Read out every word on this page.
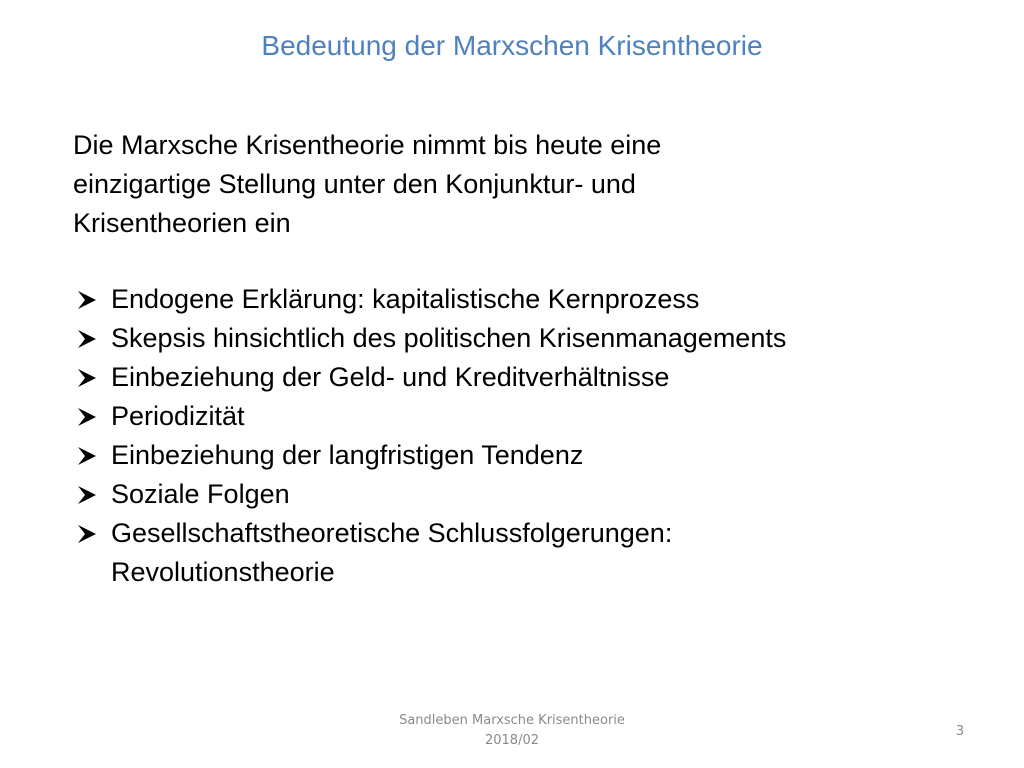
Bedeutung der Marxschen Krisentheorie

Die Marxsche Krisentheorie nimmt bis heute eine
einzigartige Stellung unter den Konjunktur- und
Krisentheorien ein

Endogene Erklärung: kapitalistische Kernprozess
Skepsis hinsichtlich des politischen Krisenmanagements
Einbeziehung der Geld- und Kreditverhältnisse
Periodizität
Einbeziehung der langfristigen Tendenz
Soziale Folgen
Gesellschaftstheoretische Schlussfolgerungen:
Revolutionstheorie
Sandleben Marxsche Krisentheorie
2018/02
3
